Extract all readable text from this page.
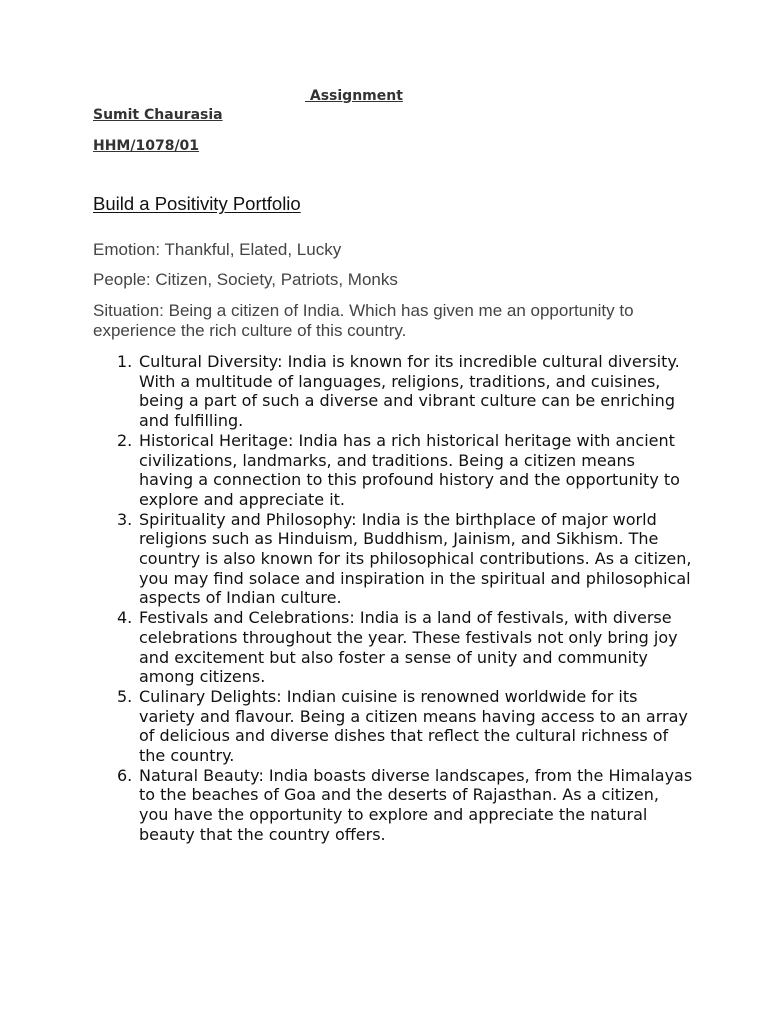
Assignment
Sumit Chaurasia
HHM/1078/01
Build a Positivity Portfolio
Emotion: Thankful, Elated, Lucky
People: Citizen, Society, Patriots, Monks
Situation: Being a citizen of India. Which has given me an opportunity to experience the rich culture of this country.
1. Cultural Diversity: India is known for its incredible cultural diversity. With a multitude of languages, religions, traditions, and cuisines, being a part of such a diverse and vibrant culture can be enriching and fulfilling.
2. Historical Heritage: India has a rich historical heritage with ancient civilizations, landmarks, and traditions. Being a citizen means having a connection to this profound history and the opportunity to explore and appreciate it.
3. Spirituality and Philosophy: India is the birthplace of major world religions such as Hinduism, Buddhism, Jainism, and Sikhism. The country is also known for its philosophical contributions. As a citizen, you may find solace and inspiration in the spiritual and philosophical aspects of Indian culture.
4. Festivals and Celebrations: India is a land of festivals, with diverse celebrations throughout the year. These festivals not only bring joy and excitement but also foster a sense of unity and community among citizens.
5. Culinary Delights: Indian cuisine is renowned worldwide for its variety and flavour. Being a citizen means having access to an array of delicious and diverse dishes that reflect the cultural richness of the country.
6. Natural Beauty: India boasts diverse landscapes, from the Himalayas to the beaches of Goa and the deserts of Rajasthan. As a citizen, you have the opportunity to explore and appreciate the natural beauty that the country offers.
